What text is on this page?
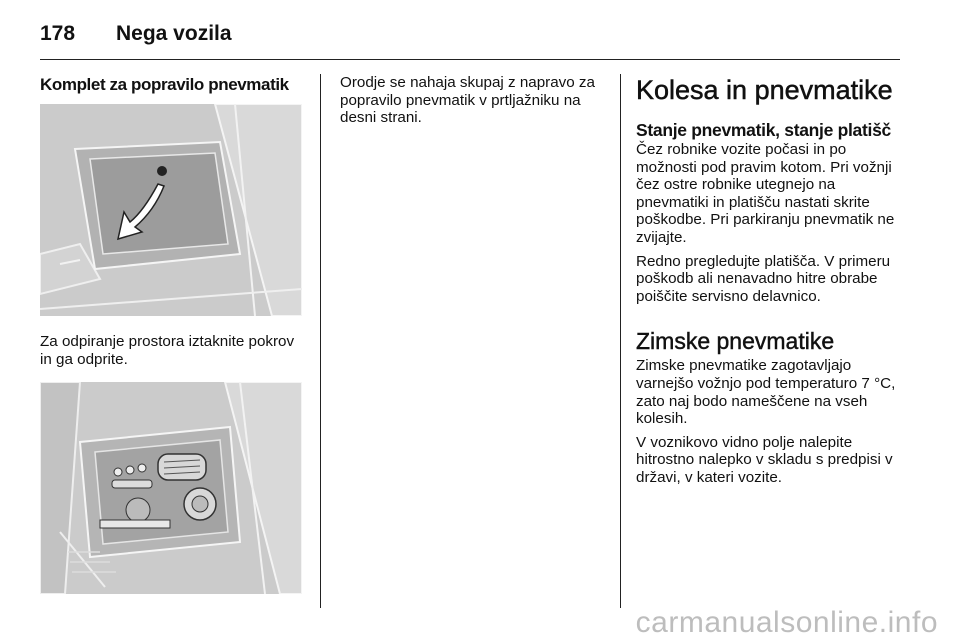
178	Nega vozila
Komplet za popravilo pnevmatik
Za odpiranje prostora iztaknite pokrov in ga odprite.
Orodje se nahaja skupaj z napravo za popravilo pnevmatik v prtljažniku na desni strani.
Kolesa in pnevmatike
Stanje pnevmatik, stanje platišč
Čez robnike vozite počasi in po možnosti pod pravim kotom. Pri vožnji čez ostre robnike utegnejo na pnevmatiki in platišču nastati skrite poškodbe. Pri parkiranju pnevmatik ne zvijajte.
Redno pregledujte platišča. V primeru poškodb ali nenavadno hitre obrabe poiščite servisno delavnico.
Zimske pnevmatike
Zimske pnevmatike zagotavljajo varnejšo vožnjo pod temperaturo 7 °C, zato naj bodo nameščene na vseh kolesih.
V voznikovo vidno polje nalepite hitrostno nalepko v skladu s predpisi v državi, v kateri vozite.
carmanualsonline.info
